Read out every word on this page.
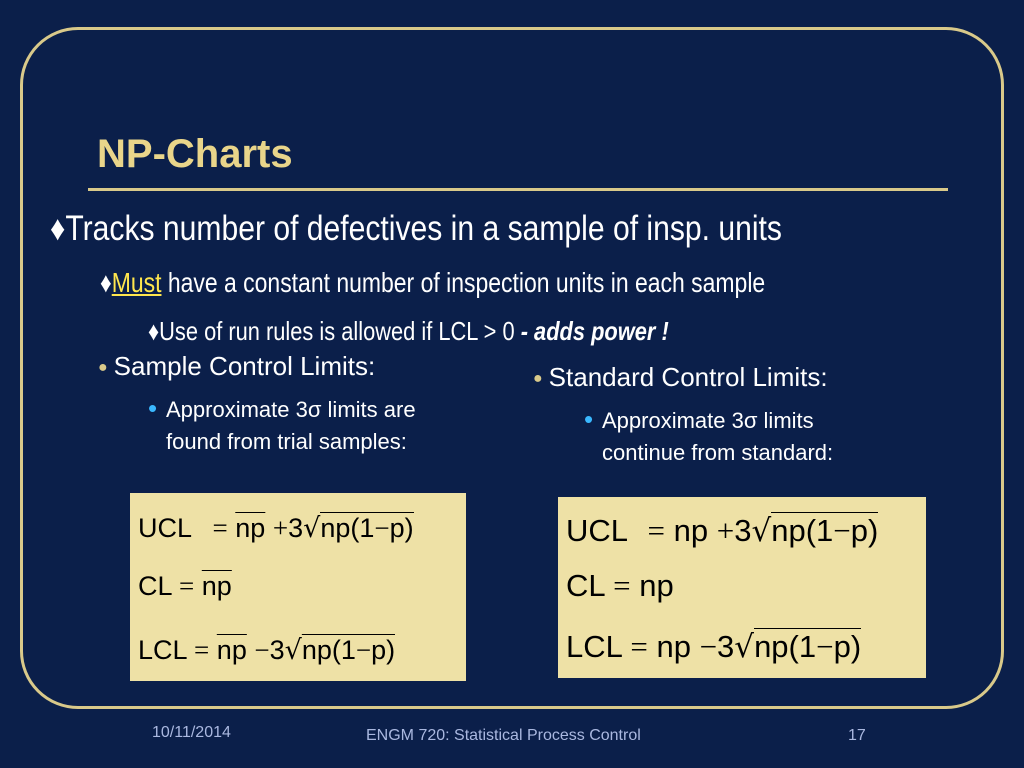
NP-Charts
♦Tracks number of defectives in a sample of insp. units
♦Must have a constant number of inspection units in each sample
♦Use of run rules is allowed if LCL > 0 - adds power !
● Sample Control Limits:
• Approximate 3σ limits are
found from trial samples:
UCL = $\overline{np} +3√np(1-\overline{p})$
CL = $\overline{np}$
LCL = $\overline{np} -3√np(1-\overline{p})$
● Standard Control Limits:
• Approximate 3σ limits
continue from standard:
UCL = np +3√np(1−p)
CL = np
LCL = np −3√np(1−p)
10/11/2014	ENGM 720: Statistical Process Control	17
